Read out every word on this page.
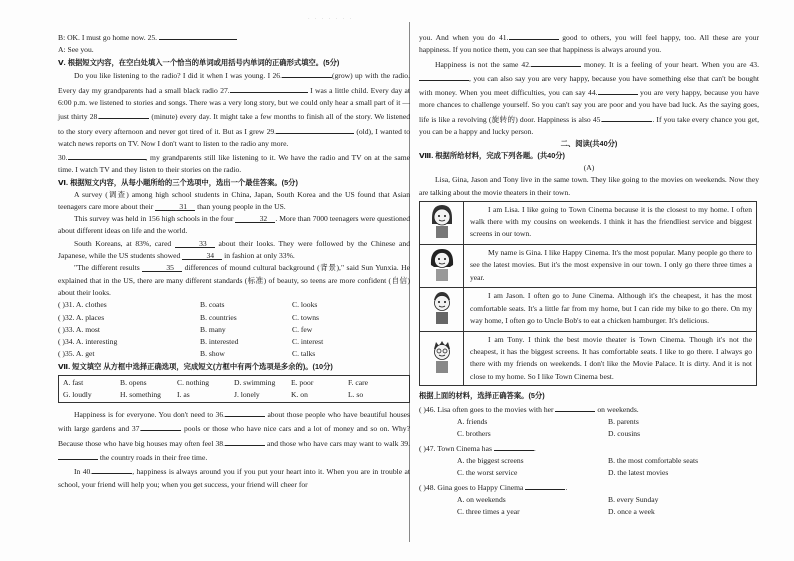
· · · · · · ·
B: OK. I must go home now. 25.
A: See you.
Ⅴ. 根据短文内容，在空白处填入一个恰当的单词或用括号内单词的正确形式填空。(5分)
Do you like listening to the radio? I did it when I was young. I 26.	(grow) up with the radio. Every day my grandparents had a small black radio 27.	I was a little child. Every day at 6:00 p.m. we listened to stories and songs. There was a very long story, but we could only hear a small part of it — just thirty 28.	(minute) every day. It might take a few months to finish all of the story. We listened to the story every afternoon and never got tired of it. But as I grew 29.	(old), I wanted to watch news reports on TV. Now I don't want to listen to the radio any more.
30.	, my grandparents still like listening to it. We have the radio and TV on at the same time. I watch TV and they listen to their stories on the radio.
Ⅵ. 根据短文内容，从每小题所给的三个选项中，选出一个最佳答案。(5分)
A survey (调查) among high school students in China, Japan, South Korea and the US found that Asian teenagers care more about their	31 than young people in the US.
This survey was held in 156 high schools in the four	32 . More than 7000 teenagers were questioned about different ideas on life and the world.
South Koreans, at 83%, cared	33 about their looks. They were followed by the Chinese and Japanese, while the US students showed	34 in fashion at only 33%.
"The different results	35 differences of mound cultural background (背景)," said Sun Yunxia. He explained that in the US, there are many different standards (标准) of beauty, so teens are more confident (自信) about their looks.
( )31. A. clothes	B. coats	C. looks
( )32. A. places	B. countries	C. towns
( )33. A. most	B. many	C. few
( )34. A. interesting	B. interested	C. interest
( )35. A. get	B. show	C. talks
Ⅶ. 短文填空 从方框中选择正确选项，完成短文(方框中有两个选项是多余的)。(10分)
A. fast	B. opens	C. nothing	D. swimming	E. poor	F. care
G. loudly	H. something	I. as	J. lonely	K. on	L. so
Happiness is for everyone. You don't need to 36.	about those people who have beautiful houses with large gardens and 37.	pools or those who have nice cars and a lot of money and so on. Why? Because those who have big houses may often feel 38.	and those who have cars may want to walk 39. the country roads in their free time.
In 40.	, happiness is always around you if you put your heart into it. When you are in trouble at school, your friend will help you; when you get success, your friend will cheer for
you. And when you do 41.	good to others, you will feel happy, too. All these are your happiness. If you notice them, you can see that happiness is always around you.
Happiness is not the same 42.	money. It is a feeling of your heart. When you are 43., you can also say you are very happy, because you have something else that can't be bought with money. When you meet difficulties, you can say 44.	you are very happy, because you have more chances to challenge yourself. So you can't say you are poor and you have bad luck. As the saying goes, life is like a revolving (旋转的) door. Happiness is also 45.	. If you take every chance you get, you can be a happy and lucky person.
二、阅读(共40分)
Ⅷ. 根据所给材料，完成下列各题。(共40分)
(A)
Lisa, Gina, Jason and Tony live in the same town. They like going to the movies on weekends. Now they are talking about the movie theaters in their town.
	I am Lisa. I like going to Town Cinema because it is the closest to my home. I often walk there with my cousins on weekends. I think it has the friendliest service and biggest screens in our town.
	My name is Gina. I like Happy Cinema. It's the most popular. Many people go there to see the latest movies. But it's the most expensive in our town. I only go there three times a year.
	I am Jason. I often go to June Cinema. Although it's the cheapest, it has the most comfortable seats. It's a little far from my home, but I can ride my bike to go there. On my way home, I often go to Uncle Bob's to eat a chicken hamburger. It's delicious.
	I am Tony. I think the best movie theater is Town Cinema. Though it's not the cheapest, it has the biggest screens. It has comfortable seats. I like to go there. I always go there with my friends on weekends. I don't like the Movie Palace. It is dirty. And it is not close to my home. So I like Town Cinema best.
根据上面的材料，选择正确答案。(5分)
( )46. Lisa often goes to the movies with her	on weekends.
A. friends	B. parents
C. brothers	D. cousins
( )47. Town Cinema has	.
A. the biggest screens	B. the most comfortable seats
C. the worst service	D. the latest movies
( )48. Gina goes to Happy Cinema	.
A. on weekends	B. every Sunday
C. three times a year	D. once a week
